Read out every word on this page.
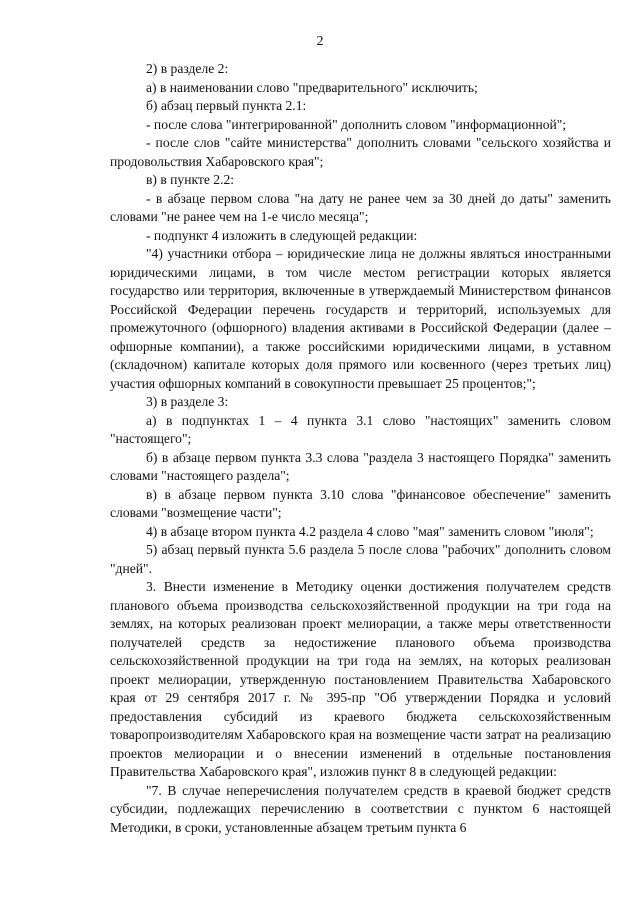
2

2) в разделе 2:

а) в наименовании слово "предварительного" исключить;

б) абзац первый пункта 2.1:

- после слова "интегрированной" дополнить словом "информационной";

- после слов "сайте министерства" дополнить словами "сельского хозяйства и продовольствия Хабаровского края";

в) в пункте 2.2:

- в абзаце первом слова "на дату не ранее чем за 30 дней до даты" заменить словами "не ранее чем на 1-е число месяца";

- подпункт 4 изложить в следующей редакции:

"4) участники отбора – юридические лица не должны являться иностранными юридическими лицами, в том числе местом регистрации которых является государство или территория, включенные в утверждаемый Министерством финансов Российской Федерации перечень государств и территорий, используемых для промежуточного (офшорного) владения активами в Российской Федерации (далее – офшорные компании), а также российскими юридическими лицами, в уставном (складочном) капитале которых доля прямого или косвенного (через третьих лиц) участия офшорных компаний в совокупности превышает 25 процентов;";

3) в разделе 3:

а) в подпунктах 1 – 4 пункта 3.1 слово "настоящих" заменить словом "настоящего";

б) в абзаце первом пункта 3.3 слова "раздела 3 настоящего Порядка" заменить словами "настоящего раздела";

в) в абзаце первом пункта 3.10 слова "финансовое обеспечение" заменить словами "возмещение части";

4) в абзаце втором пункта 4.2 раздела 4 слово "мая" заменить словом "июля";

5) абзац первый пункта 5.6 раздела 5 после слова "рабочих" дополнить словом "дней".

3. Внести изменение в Методику оценки достижения получателем средств планового объема производства сельскохозяйственной продукции на три года на землях, на которых реализован проект мелиорации, а также меры ответственности получателей средств за недостижение планового объема производства сельскохозяйственной продукции на три года на землях, на которых реализован проект мелиорации, утвержденную постановлением Правительства Хабаровского края от 29 сентября 2017 г. № 395-пр "Об утверждении Порядка и условий предоставления субсидий из краевого бюджета сельскохозяйственным товаропроизводителям Хабаровского края на возмещение части затрат на реализацию проектов мелиорации и о внесении изменений в отдельные постановления Правительства Хабаровского края", изложив пункт 8 в следующей редакции:

"7. В случае неперечисления получателем средств в краевой бюджет средств субсидии, подлежащих перечислению в соответствии с пунктом 6 настоящей Методики, в сроки, установленные абзацем третьим пункта 6
